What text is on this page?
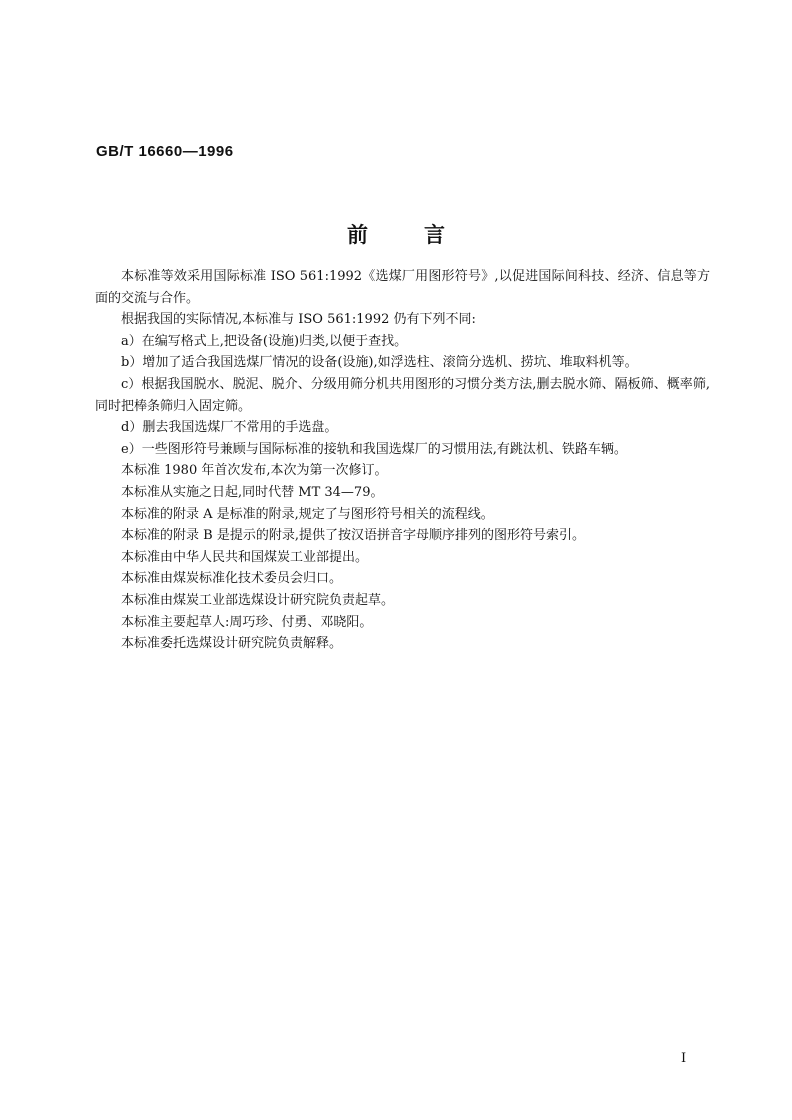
GB/T 16660—1996
前言

本标准等效采用国际标准 ISO 561:1992《选煤厂用图形符号》,以促进国际间科技、经济、信息等方面的交流与合作。

根据我国的实际情况,本标准与 ISO 561:1992 仍有下列不同:

a）在编写格式上,把设备(设施)归类,以便于查找。

b）增加了适合我国选煤厂情况的设备(设施),如浮选柱、滚筒分选机、捞坑、堆取料机等。

c）根据我国脱水、脱泥、脱介、分级用筛分机共用图形的习惯分类方法,删去脱水筛、隔板筛、概率筛,同时把棒条筛归入固定筛。

d）删去我国选煤厂不常用的手选盘。

e）一些图形符号兼顾与国际标准的接轨和我国选煤厂的习惯用法,有跳汰机、铁路车辆。

本标准 1980 年首次发布,本次为第一次修订。

本标准从实施之日起,同时代替 MT 34—79。

本标准的附录 A 是标准的附录,规定了与图形符号相关的流程线。

本标准的附录 B 是提示的附录,提供了按汉语拼音字母顺序排列的图形符号索引。

本标准由中华人民共和国煤炭工业部提出。

本标准由煤炭标准化技术委员会归口。

本标准由煤炭工业部选煤设计研究院负责起草。

本标准主要起草人:周巧珍、付勇、邓晓阳。

本标准委托选煤设计研究院负责解释。

I
